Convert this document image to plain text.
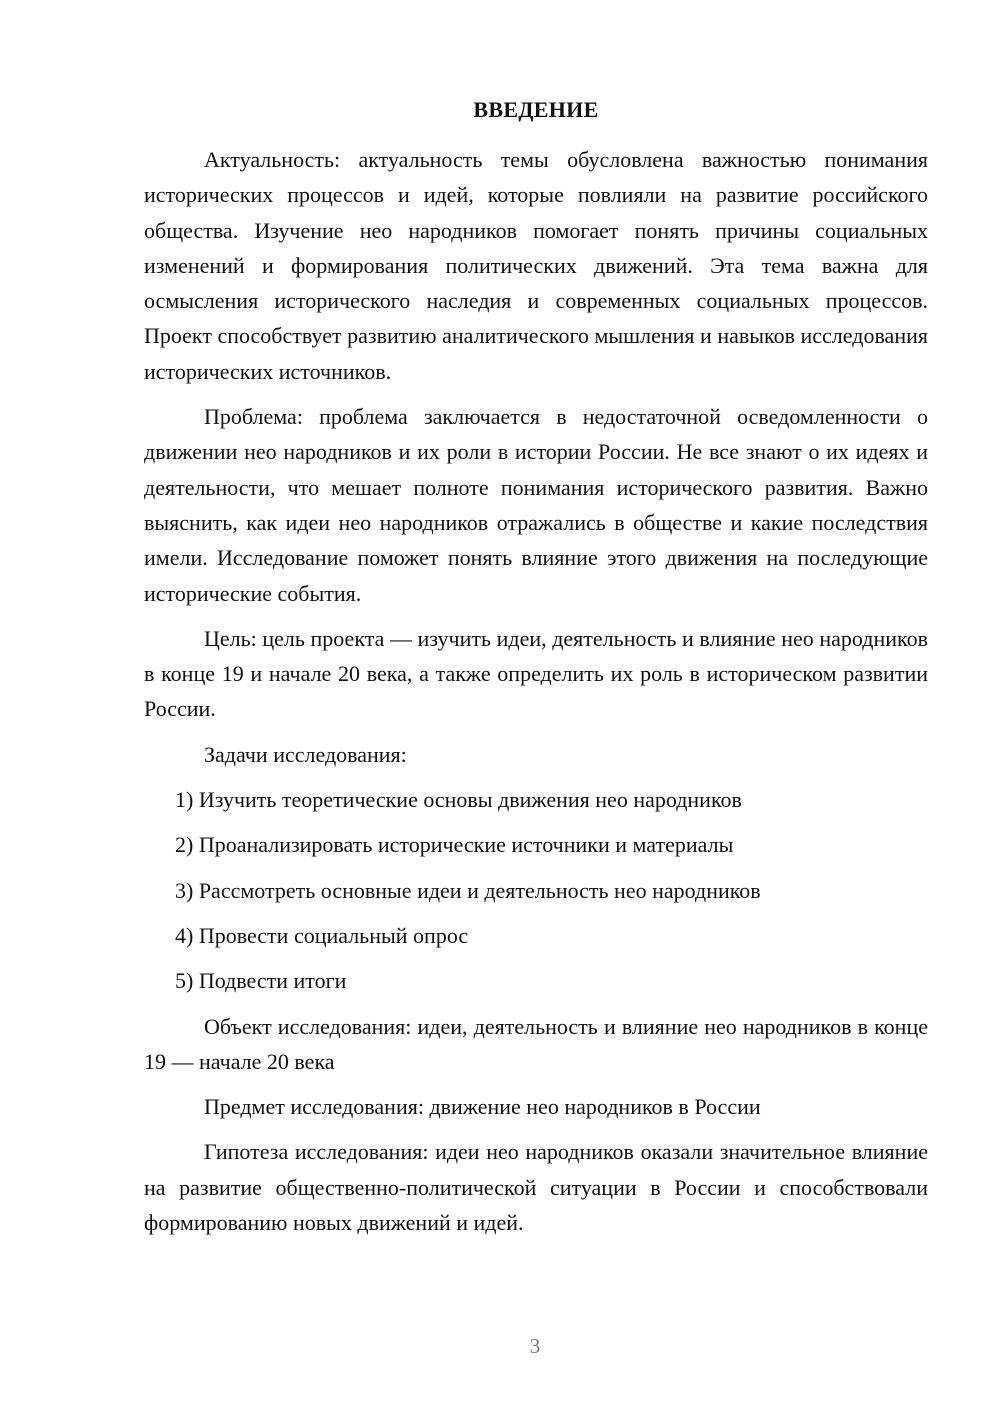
ВВЕДЕНИЕ

Актуальность: актуальность темы обусловлена важностью понимания исторических процессов и идей, которые повлияли на развитие российского общества. Изучение нео народников помогает понять причины социальных изменений и формирования политических движений. Эта тема важна для осмысления исторического наследия и современных социальных процессов. Проект способствует развитию аналитического мышления и навыков исследования исторических источников.

Проблема: проблема заключается в недостаточной осведомленности о движении нео народников и их роли в истории России. Не все знают о их идеях и деятельности, что мешает полноте понимания исторического развития. Важно выяснить, как идеи нео народников отражались в обществе и какие последствия имели. Исследование поможет понять влияние этого движения на последующие исторические события.

Цель: цель проекта — изучить идеи, деятельность и влияние нео народников в конце 19 и начале 20 века, а также определить их роль в историческом развитии России.

Задачи исследования:

1) Изучить теоретические основы движения нео народников
2) Проанализировать исторические источники и материалы
3) Рассмотреть основные идеи и деятельность нео народников
4) Провести социальный опрос
5) Подвести итоги

Объект исследования: идеи, деятельность и влияние нео народников в конце 19 — начале 20 века

Предмет исследования: движение нео народников в России

Гипотеза исследования: идеи нео народников оказали значительное влияние на развитие общественно-политической ситуации в России и способствовали формированию новых движений и идей.

3
